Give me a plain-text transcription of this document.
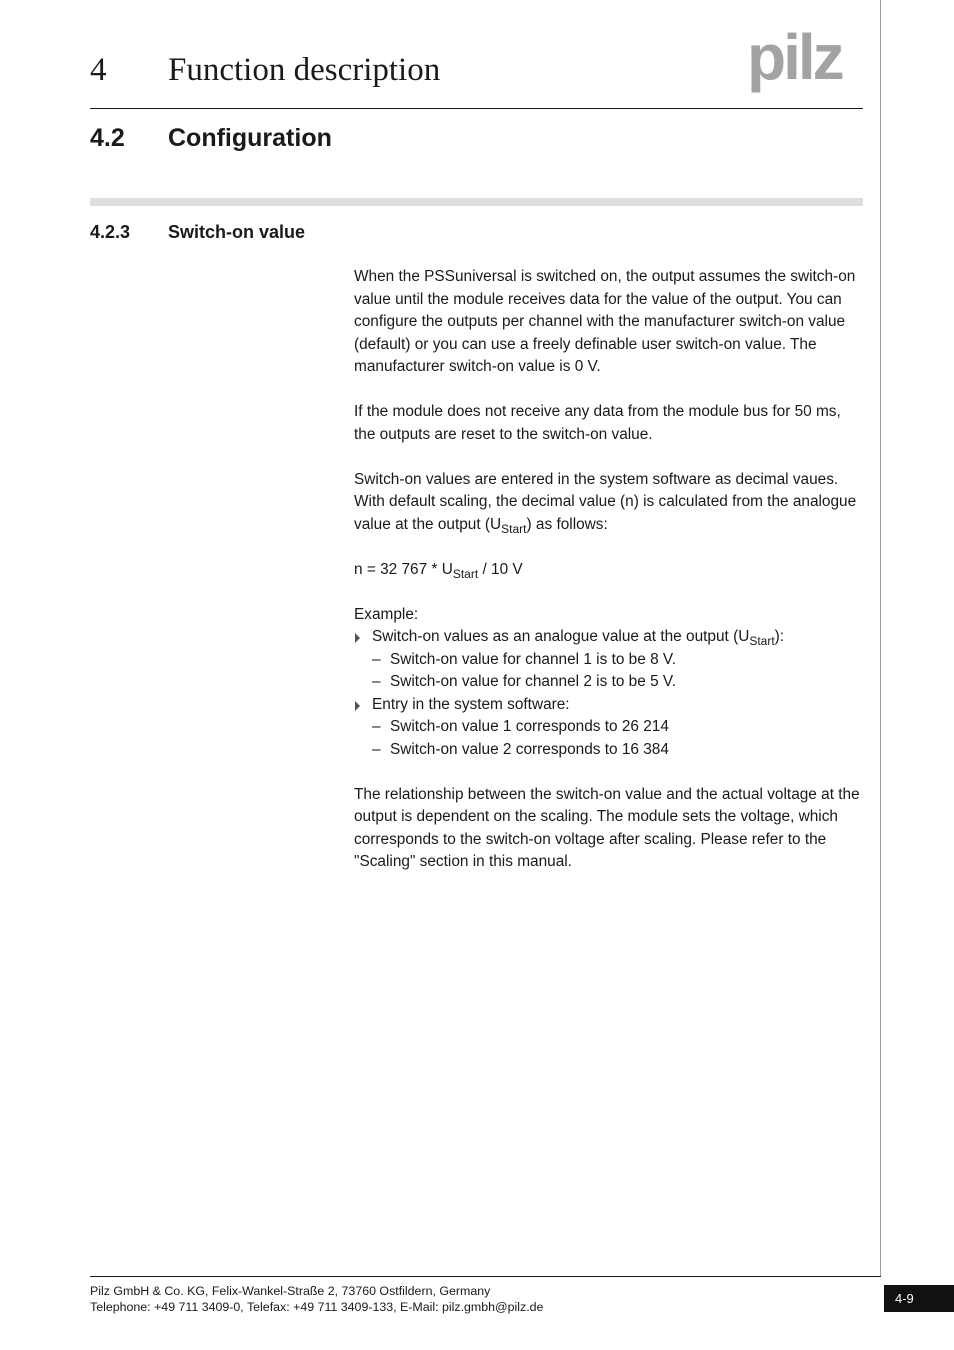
4 Function description	pilz
4.2 Configuration
4.2.3 Switch-on value

When the PSSuniversal is switched on, the output assumes the switch-on value until the module receives data for the value of the output. You can configure the outputs per channel with the manufacturer switch-on value (default) or you can use a freely definable user switch-on value. The manufacturer switch-on value is 0 V.

If the module does not receive any data from the module bus for 50 ms, the outputs are reset to the switch-on value.

Switch-on values are entered in the system software as decimal vaues. With default scaling, the decimal value (n) is calculated from the analogue value at the output $(U_{Start})$ as follows:

n = 32 $767 * U_{Start} / 10$ V

Example:

Switch-on values as an analogue value at the output $(U_{Start})$:
– Switch-on value for channel 1 is to be 8 V.
– Switch-on value for channel 2 is to be 5 V.
Entry in the system software:
– Switch-on value 1 corresponds to 26 214
– Switch-on value 2 corresponds to 16 384

The relationship between the switch-on value and the actual voltage at the output is dependent on the scaling. The module sets the voltage, which corresponds to the switch-on voltage after scaling. Please refer to the "Scaling" section in this manual.

Pilz GmbH & Co. KG, Felix-Wankel-Straße 2, 73760 Ostfildern, Germany
Telephone: +49 711 3409-0, Telefax: +49 711 3409-133, E-Mail: pilz.gmbh@pilz.de
4-9
